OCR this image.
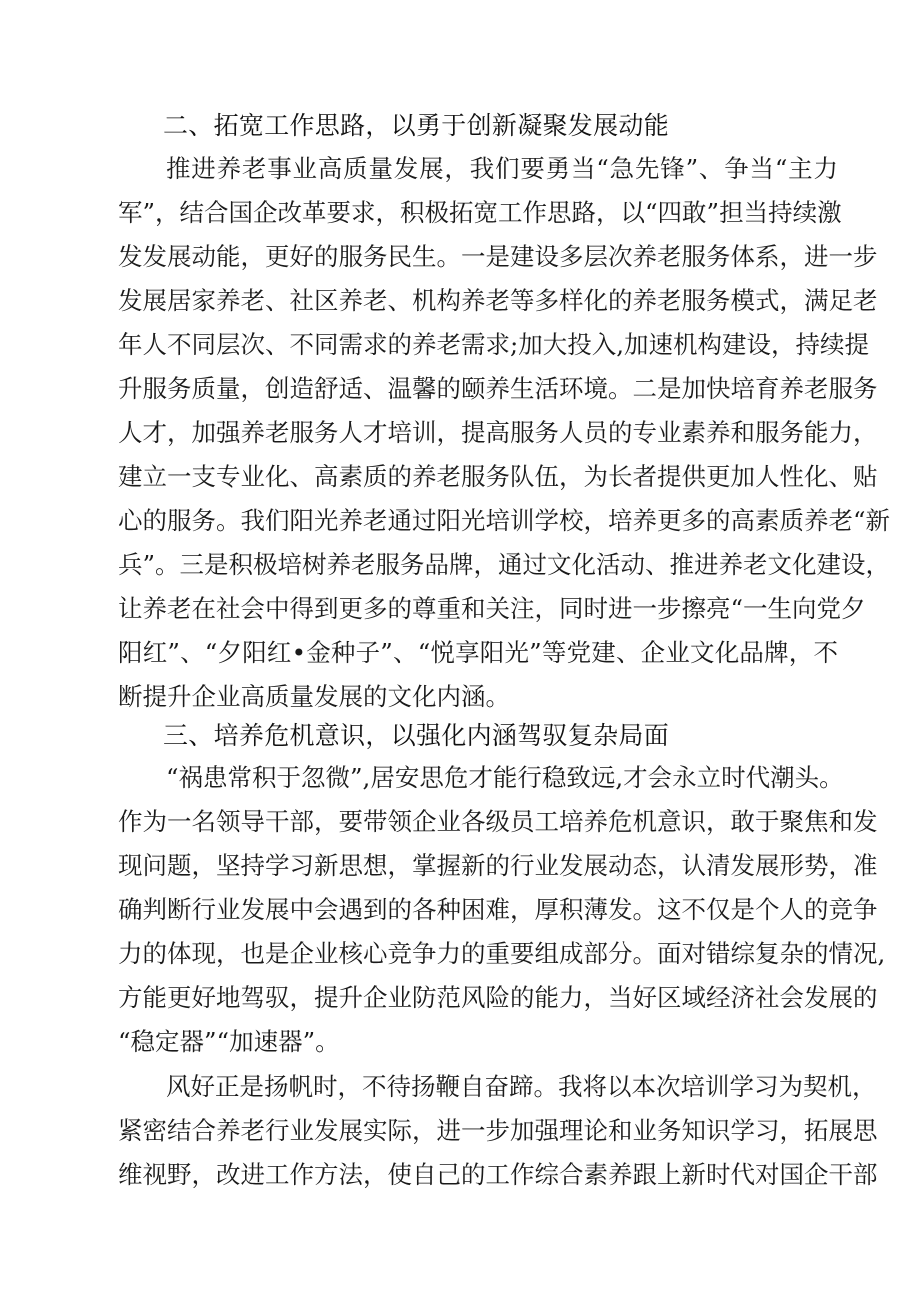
二、拓宽工作思路，以勇于创新凝聚发展动能
推进养老事业高质量发展，我们要勇当“急先锋”、争当“主力
军”，结合国企改革要求，积极拓宽工作思路，以“四敢”担当持续激
发发展动能，更好的服务民生。一是建设多层次养老服务体系，进一步
发展居家养老、社区养老、机构养老等多样化的养老服务模式，满足老
年人不同层次、不同需求的养老需求;加大投入,加速机构建设，持续提
升服务质量，创造舒适、温馨的颐养生活环境。二是加快培育养老服务
人才，加强养老服务人才培训，提高服务人员的专业素养和服务能力，
建立一支专业化、高素质的养老服务队伍，为长者提供更加人性化、贴
心的服务。我们阳光养老通过阳光培训学校，培养更多的高素质养老“新
兵”。三是积极培树养老服务品牌，通过文化活动、推进养老文化建设，
让养老在社会中得到更多的尊重和关注，同时进一步擦亮“一生向党夕
阳红”、“夕阳红•金种子”、“悦享阳光”等党建、企业文化品牌，不
断提升企业高质量发展的文化内涵。
三、培养危机意识，以强化内涵驾驭复杂局面
“祸患常积于忽微”,居安思危才能行稳致远,才会永立时代潮头。
作为一名领导干部，要带领企业各级员工培养危机意识，敢于聚焦和发
现问题，坚持学习新思想，掌握新的行业发展动态，认清发展形势，准
确判断行业发展中会遇到的各种困难，厚积薄发。这不仅是个人的竞争
力的体现，也是企业核心竞争力的重要组成部分。面对错综复杂的情况,
方能更好地驾驭，提升企业防范风险的能力，当好区域经济社会发展的
“稳定器”“加速器”。
风好正是扬帆时，不待扬鞭自奋蹄。我将以本次培训学习为契机，
紧密结合养老行业发展实际，进一步加强理论和业务知识学习，拓展思
维视野，改进工作方法，使自己的工作综合素养跟上新时代对国企干部
